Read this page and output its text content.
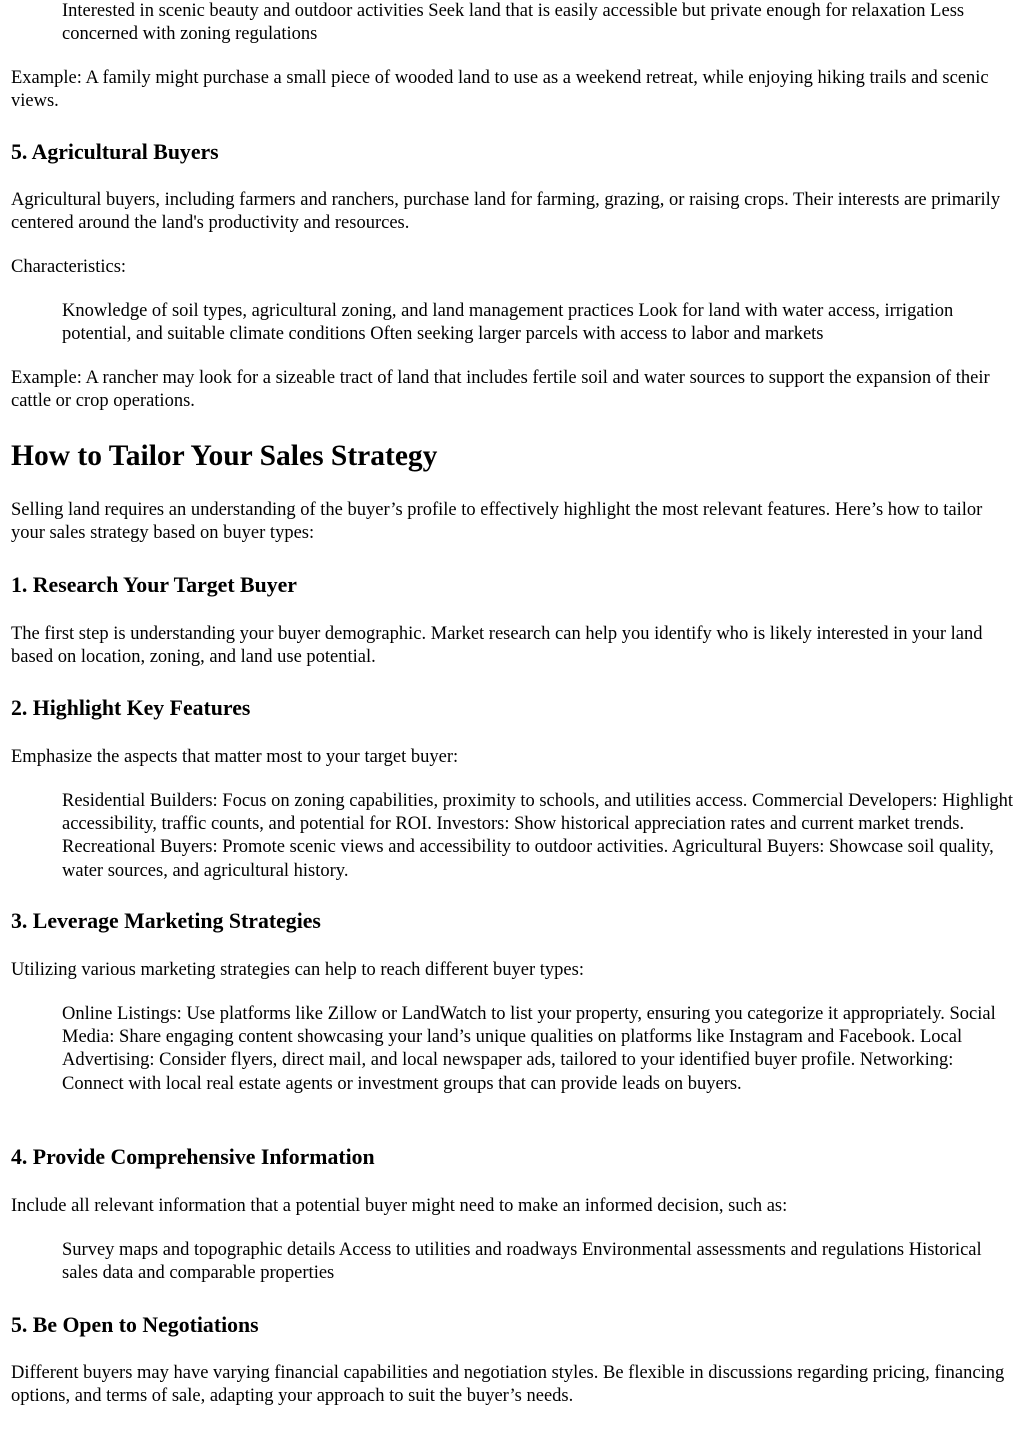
Interested in scenic beauty and outdoor activities Seek land that is easily accessible but private enough for relaxation Less concerned with zoning regulations

Example: A family might purchase a small piece of wooded land to use as a weekend retreat, while enjoying hiking trails and scenic views.

5. Agricultural Buyers

Agricultural buyers, including farmers and ranchers, purchase land for farming, grazing, or raising crops. Their interests are primarily centered around the land's productivity and resources.

Characteristics:

Knowledge of soil types, agricultural zoning, and land management practices Look for land with water access, irrigation potential, and suitable climate conditions Often seeking larger parcels with access to labor and markets

Example: A rancher may look for a sizeable tract of land that includes fertile soil and water sources to support the expansion of their cattle or crop operations.

How to Tailor Your Sales Strategy

Selling land requires an understanding of the buyer’s profile to effectively highlight the most relevant features. Here’s how to tailor your sales strategy based on buyer types:

1. Research Your Target Buyer

The first step is understanding your buyer demographic. Market research can help you identify who is likely interested in your land based on location, zoning, and land use potential.

2. Highlight Key Features

Emphasize the aspects that matter most to your target buyer:

Residential Builders: Focus on zoning capabilities, proximity to schools, and utilities access. Commercial Developers: Highlight accessibility, traffic counts, and potential for ROI. Investors: Show historical appreciation rates and current market trends. Recreational Buyers: Promote scenic views and accessibility to outdoor activities. Agricultural Buyers: Showcase soil quality, water sources, and agricultural history.

3. Leverage Marketing Strategies

Utilizing various marketing strategies can help to reach different buyer types:

Online Listings: Use platforms like Zillow or LandWatch to list your property, ensuring you categorize it appropriately. Social Media: Share engaging content showcasing your land’s unique qualities on platforms like Instagram and Facebook. Local Advertising: Consider flyers, direct mail, and local newspaper ads, tailored to your identified buyer profile. Networking: Connect with local real estate agents or investment groups that can provide leads on buyers.

4. Provide Comprehensive Information

Include all relevant information that a potential buyer might need to make an informed decision, such as:

Survey maps and topographic details Access to utilities and roadways Environmental assessments and regulations Historical sales data and comparable properties

5. Be Open to Negotiations

Different buyers may have varying financial capabilities and negotiation styles. Be flexible in discussions regarding pricing, financing options, and terms of sale, adapting your approach to suit the buyer’s needs.
